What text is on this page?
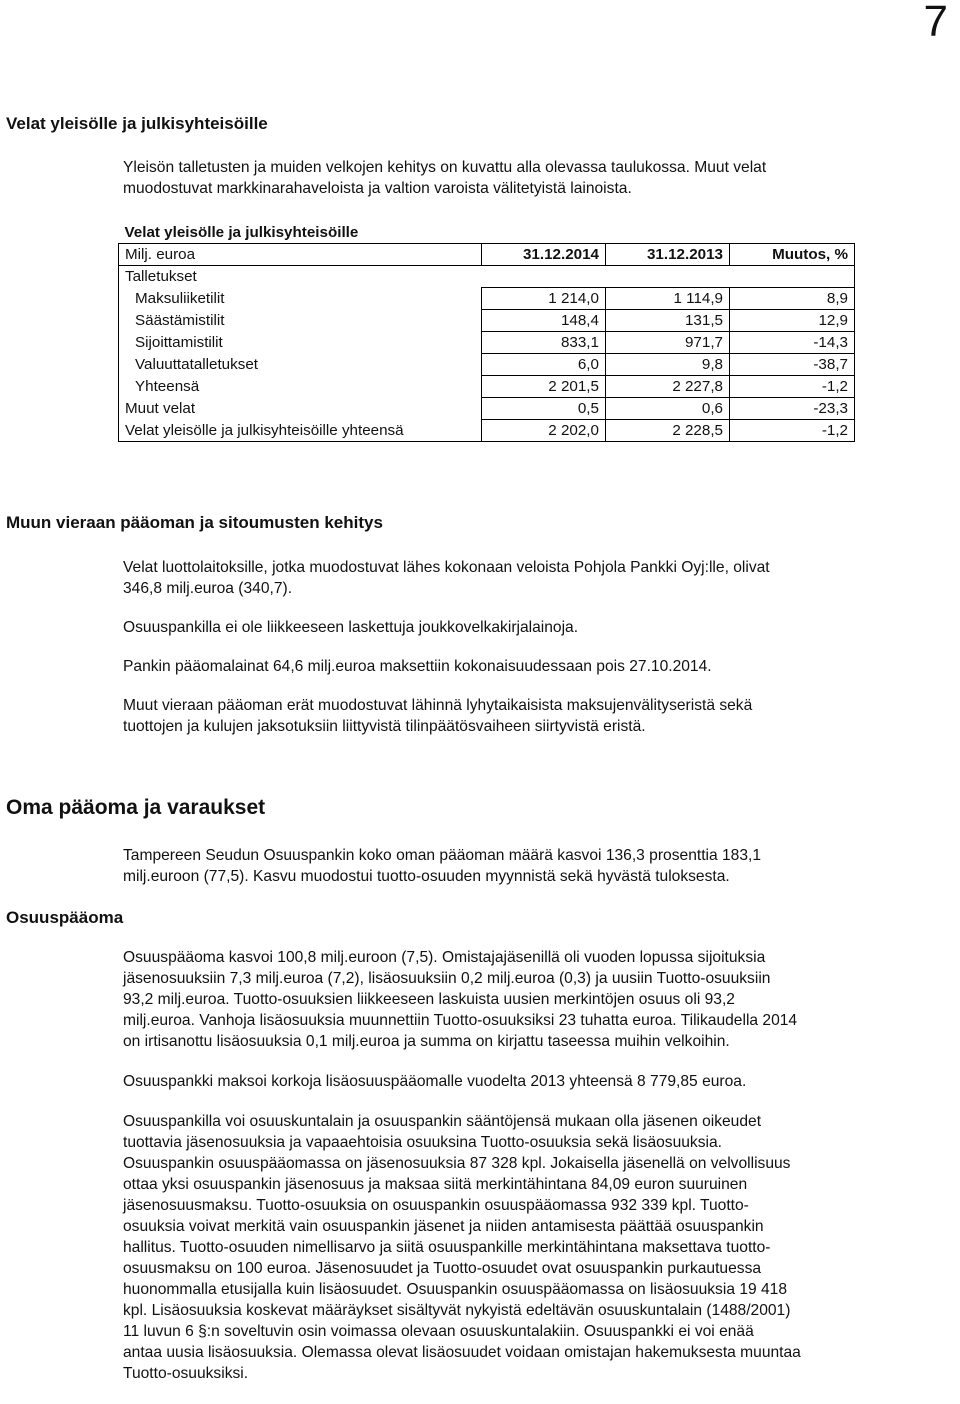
7
Velat yleisölle ja julkisyhteisöille

Yleisön talletusten ja muiden velkojen kehitys on kuvattu alla olevassa taulukossa. Muut velat

muodostuvat markkinarahaveloista ja valtion varoista välitetyistä lainoista.

Velat yleisölle ja julkisyhteisöille			
Milj. euroa	31.12.2014	31.12.2013	Muutos, %
Talletukset			
Maksuliiketilit	1 214,0	1 114,9	8,9
Säästämistilit	148,4	131,5	12,9
Sijoittamistilit	833,1	971,7	-14,3
Valuuttatalletukset	6,0	9,8	-38,7
Yhteensä	2 201,5	2 227,8	-1,2
Muut velat	0,5	0,6	-23,3
Velat yleisölle ja julkisyhteisöille yhteensä	2 202,0	2 228,5	-1,2
Muun vieraan pääoman ja sitoumusten kehitys

Velat luottolaitoksille, jotka muodostuvat lähes kokonaan veloista Pohjola Pankki Oyj:lle, olivat

346,8 milj.euroa (340,7).

Osuuspankilla ei ole liikkeeseen laskettuja joukkovelkakirjalainoja.

Pankin pääomalainat 64,6 milj.euroa maksettiin kokonaisuudessaan pois 27.10.2014.

Muut vieraan pääoman erät muodostuvat lähinnä lyhytaikaisista maksujenvälityseristä sekä

tuottojen ja kulujen jaksotuksiin liittyvistä tilinpäätösvaiheen siirtyvistä eristä.

Oma pääoma ja varaukset
Osuuspääoma

Tampereen Seudun Osuuspankin koko oman pääoman määrä kasvoi 136,3 prosenttia 183,1

milj.euroon (77,5). Kasvu muodostui tuotto-osuuden myynnistä sekä hyvästä tuloksesta.

Osuuspääoma kasvoi 100,8 milj.euroon (7,5). Omistajajäsenillä oli vuoden lopussa sijoituksia

jäsenosuuksiin 7,3 milj.euroa (7,2), lisäosuuksiin 0,2 milj.euroa (0,3) ja uusiin Tuotto-osuuksiin

93,2 milj.euroa. Tuotto-osuuksien liikkeeseen laskuista uusien merkintöjen osuus oli 93,2

milj.euroa. Vanhoja lisäosuuksia muunnettiin Tuotto-osuuksiksi 23 tuhatta euroa. Tilikaudella 2014

on irtisanottu lisäosuuksia 0,1 milj.euroa ja summa on kirjattu taseessa muihin velkoihin.

Osuuspankki maksoi korkoja lisäosuuspääomalle vuodelta 2013 yhteensä 8 779,85 euroa.

Osuuspankilla voi osuuskuntalain ja osuuspankin sääntöjensä mukaan olla jäsenen oikeudet

tuottavia jäsenosuuksia ja vapaaehtoisia osuuksina Tuotto-osuuksia sekä lisäosuuksia.

Osuuspankin osuuspääomassa on jäsenosuuksia 87 328 kpl. Jokaisella jäsenellä on velvollisuus

ottaa yksi osuuspankin jäsenosuus ja maksaa siitä merkintähintana 84,09 euron suuruinen

jäsenosuusmaksu. Tuotto-osuuksia on osuuspankin osuuspääomassa 932 339 kpl. Tuotto-

osuuksia voivat merkitä vain osuuspankin jäsenet ja niiden antamisesta päättää osuuspankin

hallitus. Tuotto-osuuden nimellisarvo ja siitä osuuspankille merkintähintana maksettava tuotto-

osuusmaksu on 100 euroa. Jäsenosuudet ja Tuotto-osuudet ovat osuuspankin purkautuessa

huonommalla etusijalla kuin lisäosuudet. Osuuspankin osuuspääomassa on lisäosuuksia 19 418

kpl. Lisäosuuksia koskevat määräykset sisältyvät nykyistä edeltävän osuuskuntalain (1488/2001)

11 luvun 6 §:n soveltuvin osin voimassa olevaan osuuskuntalakiin. Osuuspankki ei voi enää

antaa uusia lisäosuuksia. Olemassa olevat lisäosuudet voidaan omistajan hakemuksesta muuntaa

Tuotto-osuuksiksi.
